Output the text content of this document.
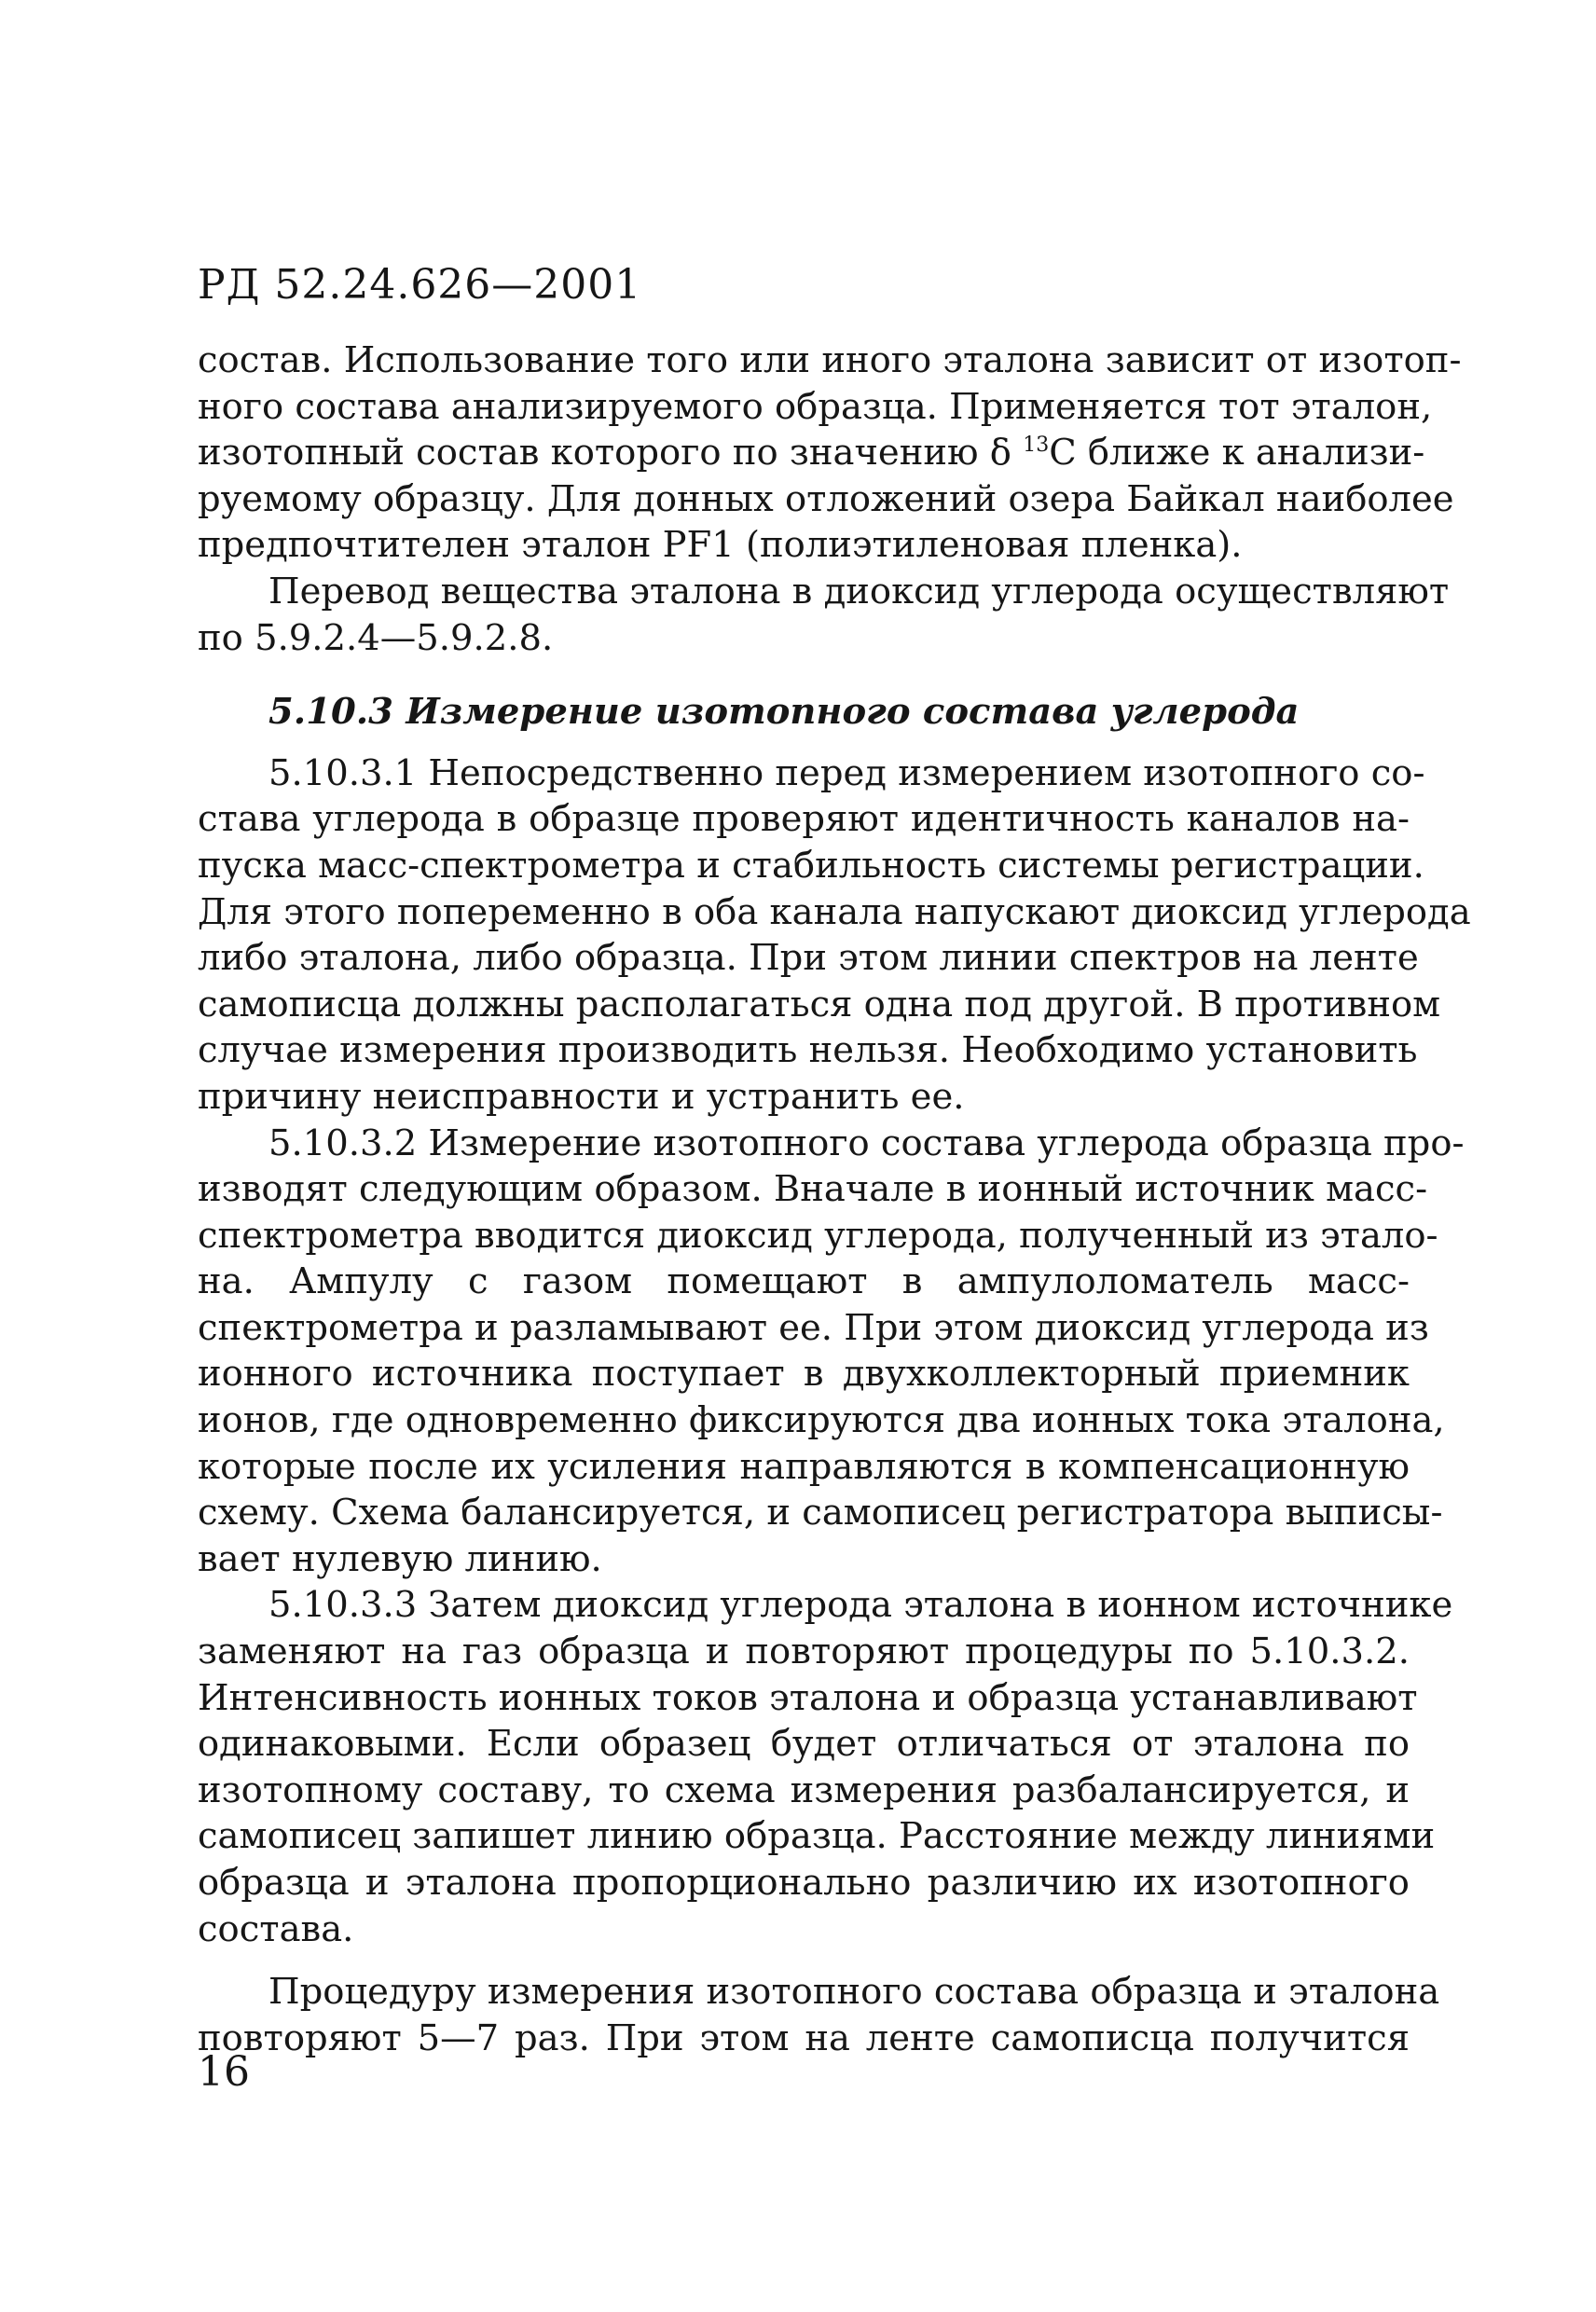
РД 52.24.626—2001
состав. Использование того или иного эталона зависит от изотоп-
ного состава анализируемого образца. Применяется тот эталон,
изотопный состав которого по значению δ $^{13}$С ближе к анализи-
руемому образцу. Для донных отложений озера Байкал наиболее
предпочтителен эталон PF1 (полиэтиленовая пленка).
Перевод вещества эталона в диоксид углерода осуществляют
по 5.9.2.4—5.9.2.8.
5.10.3 Измерение изотопного состава углерода
5.10.3.1 Непосредственно перед измерением изотопного со-
става углерода в образце проверяют идентичность каналов на-
пуска масс-спектрометра и стабильность системы регистрации.
Для этого попеременно в оба канала напускают диоксид углерода
либо эталона, либо образца. При этом линии спектров на ленте
самописца должны располагаться одна под другой. В противном
случае измерения производить нельзя. Необходимо установить
причину неисправности и устранить ее.
5.10.3.2 Измерение изотопного состава углерода образца про-
изводят следующим образом. Вначале в ионный источник масс-
спектрометра вводится диоксид углерода, полученный из этало-
на. Ампулу с газом помещают в ампулоломатель масс-
спектрометра и разламывают ее. При этом диоксид углерода из
ионного источника поступает в двухколлекторный приемник
ионов, где одновременно фиксируются два ионных тока эталона,
которые после их усиления направляются в компенсационную
схему. Схема балансируется, и самописец регистратора выписы-
вает нулевую линию.
5.10.3.3 Затем диоксид углерода эталона в ионном источнике
заменяют на газ образца и повторяют процедуры по 5.10.3.2.
Интенсивность ионных токов эталона и образца устанавливают
одинаковыми. Если образец будет отличаться от эталона по
изотопному составу, то схема измерения разбалансируется, и
самописец запишет линию образца. Расстояние между линиями
образца и эталона пропорционально различию их изотопного
состава.
Процедуру измерения изотопного состава образца и эталона
повторяют 5—7 раз. При этом на ленте самописца получится
16
